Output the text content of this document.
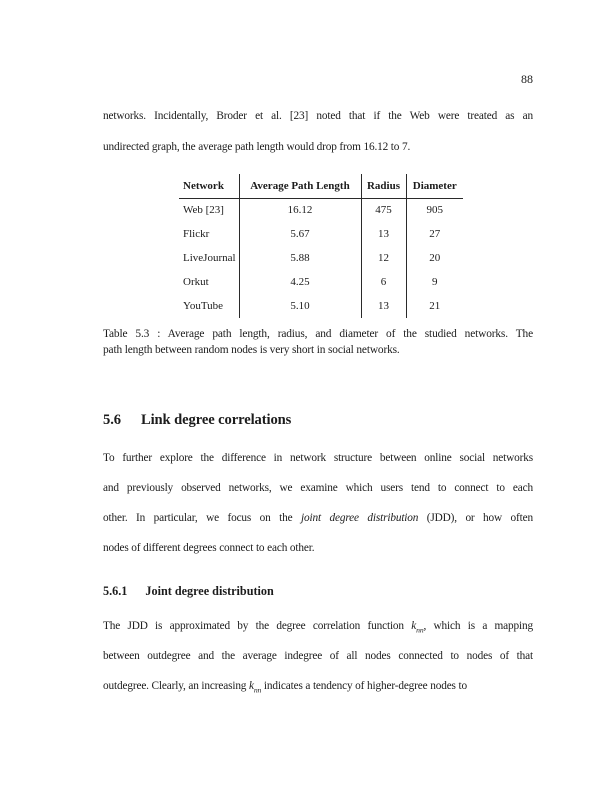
88
networks. Incidentally, Broder et al. [23] noted that if the Web were treated as an
undirected graph, the average path length would drop from 16.12 to 7.
Network	Average Path Length	Radius	Diameter
Web [23]	16.12	475	905
Flickr	5.67	13	27
LiveJournal	5.88	12	20
Orkut	4.25	6	9
YouTube	5.10	13	21
Table 5.3 : Average path length, radius, and diameter of the studied networks. The
path length between random nodes is very short in social networks.
5.6 Link degree correlations
To further explore the difference in network structure between online social networks
and previously observed networks, we examine which users tend to connect to each
other. In particular, we focus on the joint degree distribution (JDD), or how often
nodes of different degrees connect to each other.
5.6.1 Joint degree distribution
The JDD is approximated by the degree correlation function $k_{nn}$, which is a mapping
between outdegree and the average indegree of all nodes connected to nodes of that
outdegree. Clearly, an increasing $k_{nn}$ indicates a tendency of higher-degree nodes to
